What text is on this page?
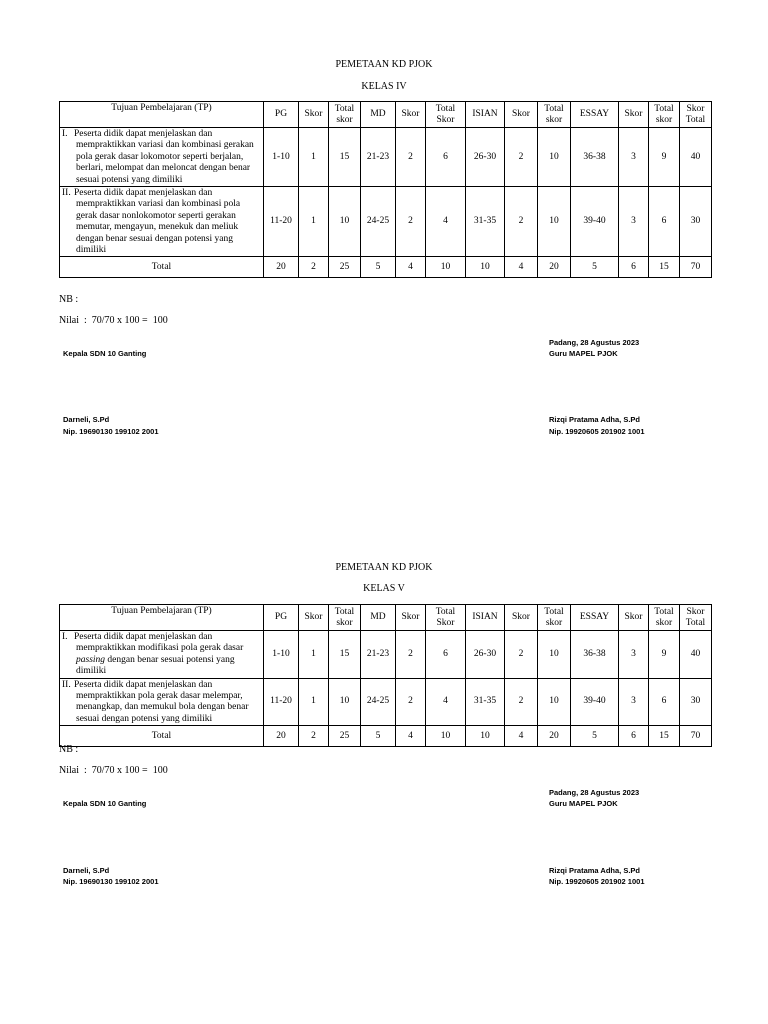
PEMETAAN KD PJOK
KELAS IV
Tujuan Pembelajaran (TP)	PG	Skor	Total skor	MD	Skor	Total Skor	ISIAN	Skor	Total skor	ESSAY	Skor	Total skor	Skor Total

I. Peserta didik dapat menjelaskan dan
mempraktikkan variasi dan kombinasi gerakan pola gerak dasar lokomotor seperti berjalan, berlari, melompat dan meloncat dengan benar sesuai potensi yang dimiliki	1-10	1	15	21-23	2	6	26-30	2	10	36-38	3	9	40

II. Peserta didik dapat menjelaskan dan
mempraktikkan variasi dan kombinasi pola gerak dasar nonlokomotor seperti gerakan memutar, mengayun, menekuk dan meliuk dengan benar sesuai dengan potensi yang dimiliki	11-20	1	10	24-25	2	4	31-35	2	10	39-40	3	6	30
Total	20	2	25	5	4	10	10	4	20	5	6	15	70
NB :
Nilai  :  70/70 x 100 =  100
Padang, 28 Agustus 2023
Guru MAPEL PJOK
Kepala SDN 10 Ganting
Darneli, S.Pd
Nip. 19690130 199102 2001
Rizqi Pratama Adha, S.Pd
Nip. 19920605 201902 1001
PEMETAAN KD PJOK
KELAS V
Tujuan Pembelajaran (TP)	PG	Skor	Total skor	MD	Skor	Total Skor	ISIAN	Skor	Total skor	ESSAY	Skor	Total skor	Skor Total

I. Peserta didik dapat menjelaskan dan
mempraktikkan modifikasi pola gerak dasar passing dengan benar sesuai potensi yang dimiliki	1-10	1	15	21-23	2	6	26-30	2	10	36-38	3	9	40

II. Peserta didik dapat menjelaskan dan
mempraktikkan pola gerak dasar melempar, menangkap, dan memukul bola dengan benar sesuai dengan potensi yang dimiliki	11-20	1	10	24-25	2	4	31-35	2	10	39-40	3	6	30
Total	20	2	25	5	4	10	10	4	20	5	6	15	70
NB :
Nilai  :  70/70 x 100 =  100
Padang, 28 Agustus 2023
Guru MAPEL PJOK
Kepala SDN 10 Ganting
Darneli, S.Pd
Nip. 19690130 199102 2001
Rizqi Pratama Adha, S.Pd
Nip. 19920605 201902 1001
